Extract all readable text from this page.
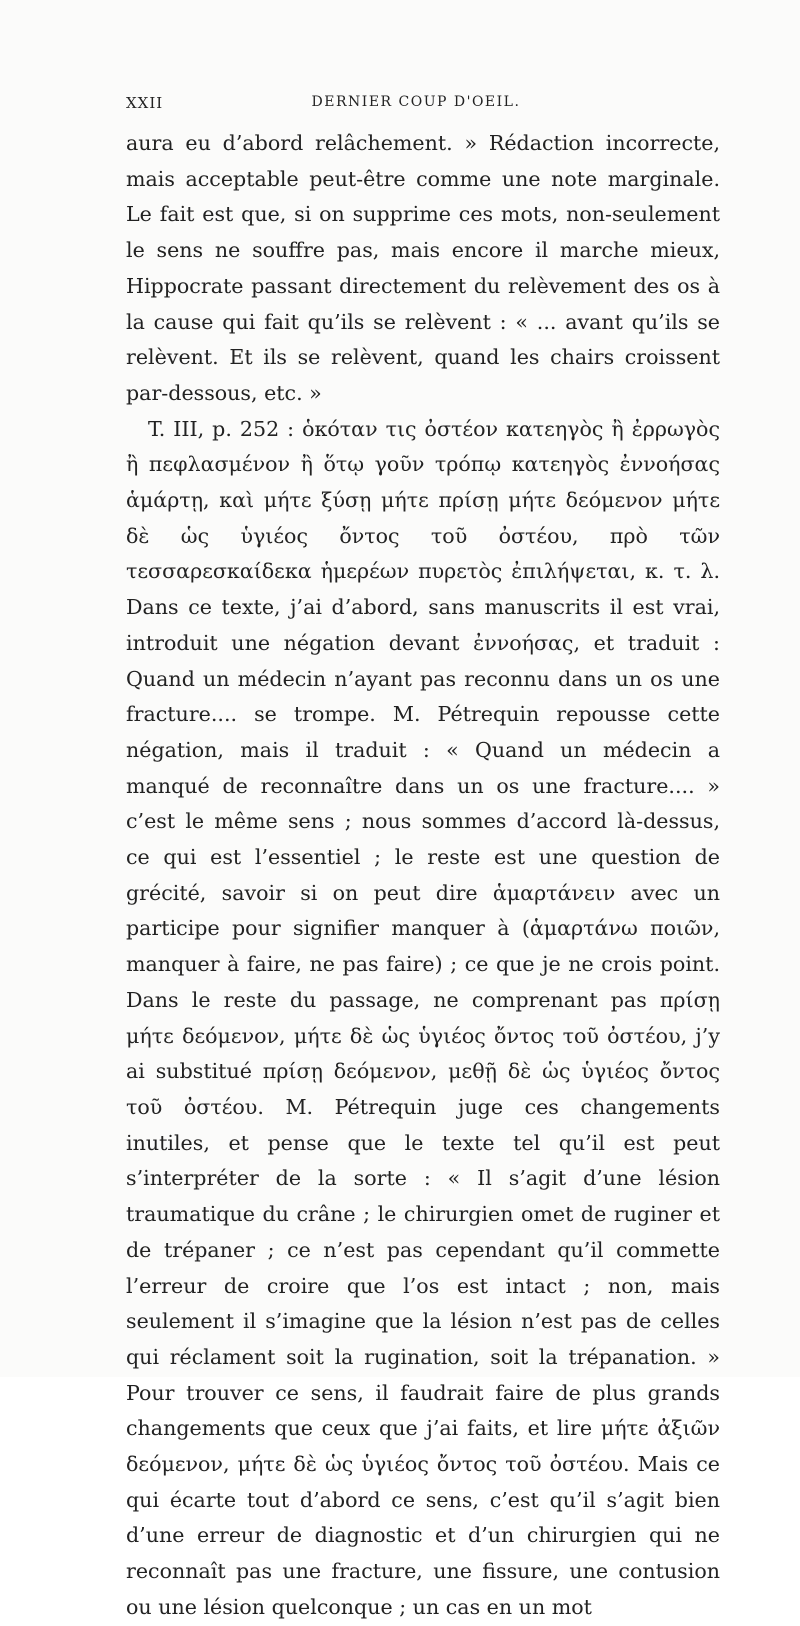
XXII	DERNIER COUP D'OEIL.

aura eu d’abord relâchement. » Rédaction incorrecte, mais acceptable peut-être comme une note marginale. Le fait est que, si on supprime ces mots, non-seulement le sens ne souffre pas, mais encore il marche mieux, Hippocrate passant directement du relèvement des os à la cause qui fait qu’ils se relèvent : « ... avant qu’ils se relèvent. Et ils se relèvent, quand les chairs croissent par-dessous, etc. »

T. III, p. 252 : ὁκόταν τις ὀστέον κατεηγὸς ἢ ἐρρωγὸς ἢ πεφλασμένον ἢ ὅτῳ γοῦν τρόπῳ κατεηγὸς ἐννοήσας ἁμάρτῃ, καὶ μήτε ξύσῃ μήτε πρίσῃ μήτε δεόμενον μήτε δὲ ὡς ὑγιέος ὄντος τοῦ ὀστέου, πρὸ τῶν τεσσαρεσκαίδεκα ἡμερέων πυρετὸς ἐπιλήψεται, κ. τ. λ. Dans ce texte, j’ai d’abord, sans manuscrits il est vrai, introduit une négation devant ἐννοήσας, et traduit : Quand un médecin n’ayant pas reconnu dans un os une fracture.... se trompe. M. Pétrequin repousse cette négation, mais il traduit : « Quand un médecin a manqué de reconnaître dans un os une fracture.... » c’est le même sens ; nous sommes d’accord là-dessus, ce qui est l’essentiel ; le reste est une question de grécité, savoir si on peut dire ἁμαρτάνειν avec un participe pour signifier manquer à (ἁμαρτάνω ποιῶν, manquer à faire, ne pas faire) ; ce que je ne crois point. Dans le reste du passage, ne comprenant pas πρίσῃ μήτε δεόμενον, μήτε δὲ ὡς ὑγιέος ὄντος τοῦ ὀστέου, j’y ai substitué πρίσῃ δεόμενον, μεθῇ δὲ ὡς ὑγιέος ὄντος τοῦ ὀστέου. M. Pétrequin juge ces changements inutiles, et pense que le texte tel qu’il est peut s’interpréter de la sorte : « Il s’agit d’une lésion traumatique du crâne ; le chirurgien omet de ruginer et de trépaner ; ce n’est pas cependant qu’il commette l’erreur de croire que l’os est intact ; non, mais seulement il s’imagine que la lésion n’est pas de celles qui réclament soit la rugination, soit la trépanation. » Pour trouver ce sens, il faudrait faire de plus grands changements que ceux que j’ai faits, et lire μήτε ἀξιῶν δεόμενον, μήτε δὲ ὡς ὑγιέος ὄντος τοῦ ὀστέου. Mais ce qui écarte tout d’abord ce sens, c’est qu’il s’agit bien d’une erreur de diagnostic et d’un chirurgien qui ne reconnaît pas une fracture, une fissure, une contusion ou une lésion quelconque ; un cas en un mot
